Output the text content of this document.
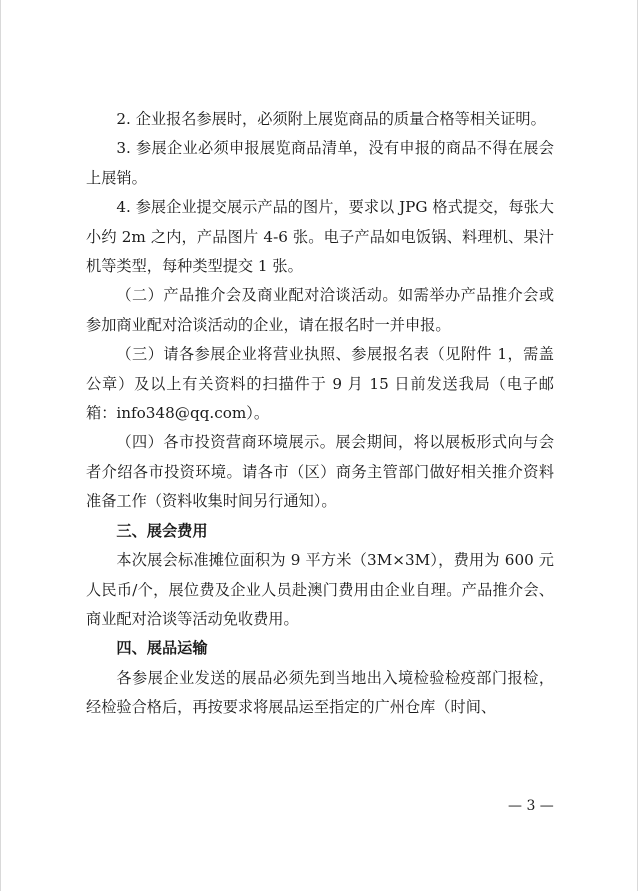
2. 企业报名参展时，必须附上展览商品的质量合格等相关证明。

3. 参展企业必须申报展览商品清单，没有申报的商品不得在展会上展销。

4. 参展企业提交展示产品的图片，要求以 JPG 格式提交，每张大小约 2m 之内，产品图片 4-6 张。电子产品如电饭锅、料理机、果汁机等类型，每种类型提交 1 张。

（二）产品推介会及商业配对洽谈活动。如需举办产品推介会或参加商业配对洽谈活动的企业，请在报名时一并申报。

（三）请各参展企业将营业执照、参展报名表（见附件 1，需盖公章）及以上有关资料的扫描件于 9 月 15 日前发送我局（电子邮箱：info348@qq.com）。

（四）各市投资营商环境展示。展会期间，将以展板形式向与会者介绍各市投资环境。请各市（区）商务主管部门做好相关推介资料准备工作（资料收集时间另行通知）。

三、展会费用

本次展会标准摊位面积为 9 平方米（3M×3M），费用为 600 元人民币/个，展位费及企业人员赴澳门费用由企业自理。产品推介会、商业配对洽谈等活动免收费用。

四、展品运输

各参展企业发送的展品必须先到当地出入境检验检疫部门报检，经检验合格后，再按要求将展品运至指定的广州仓库（时间、

— 3 —
